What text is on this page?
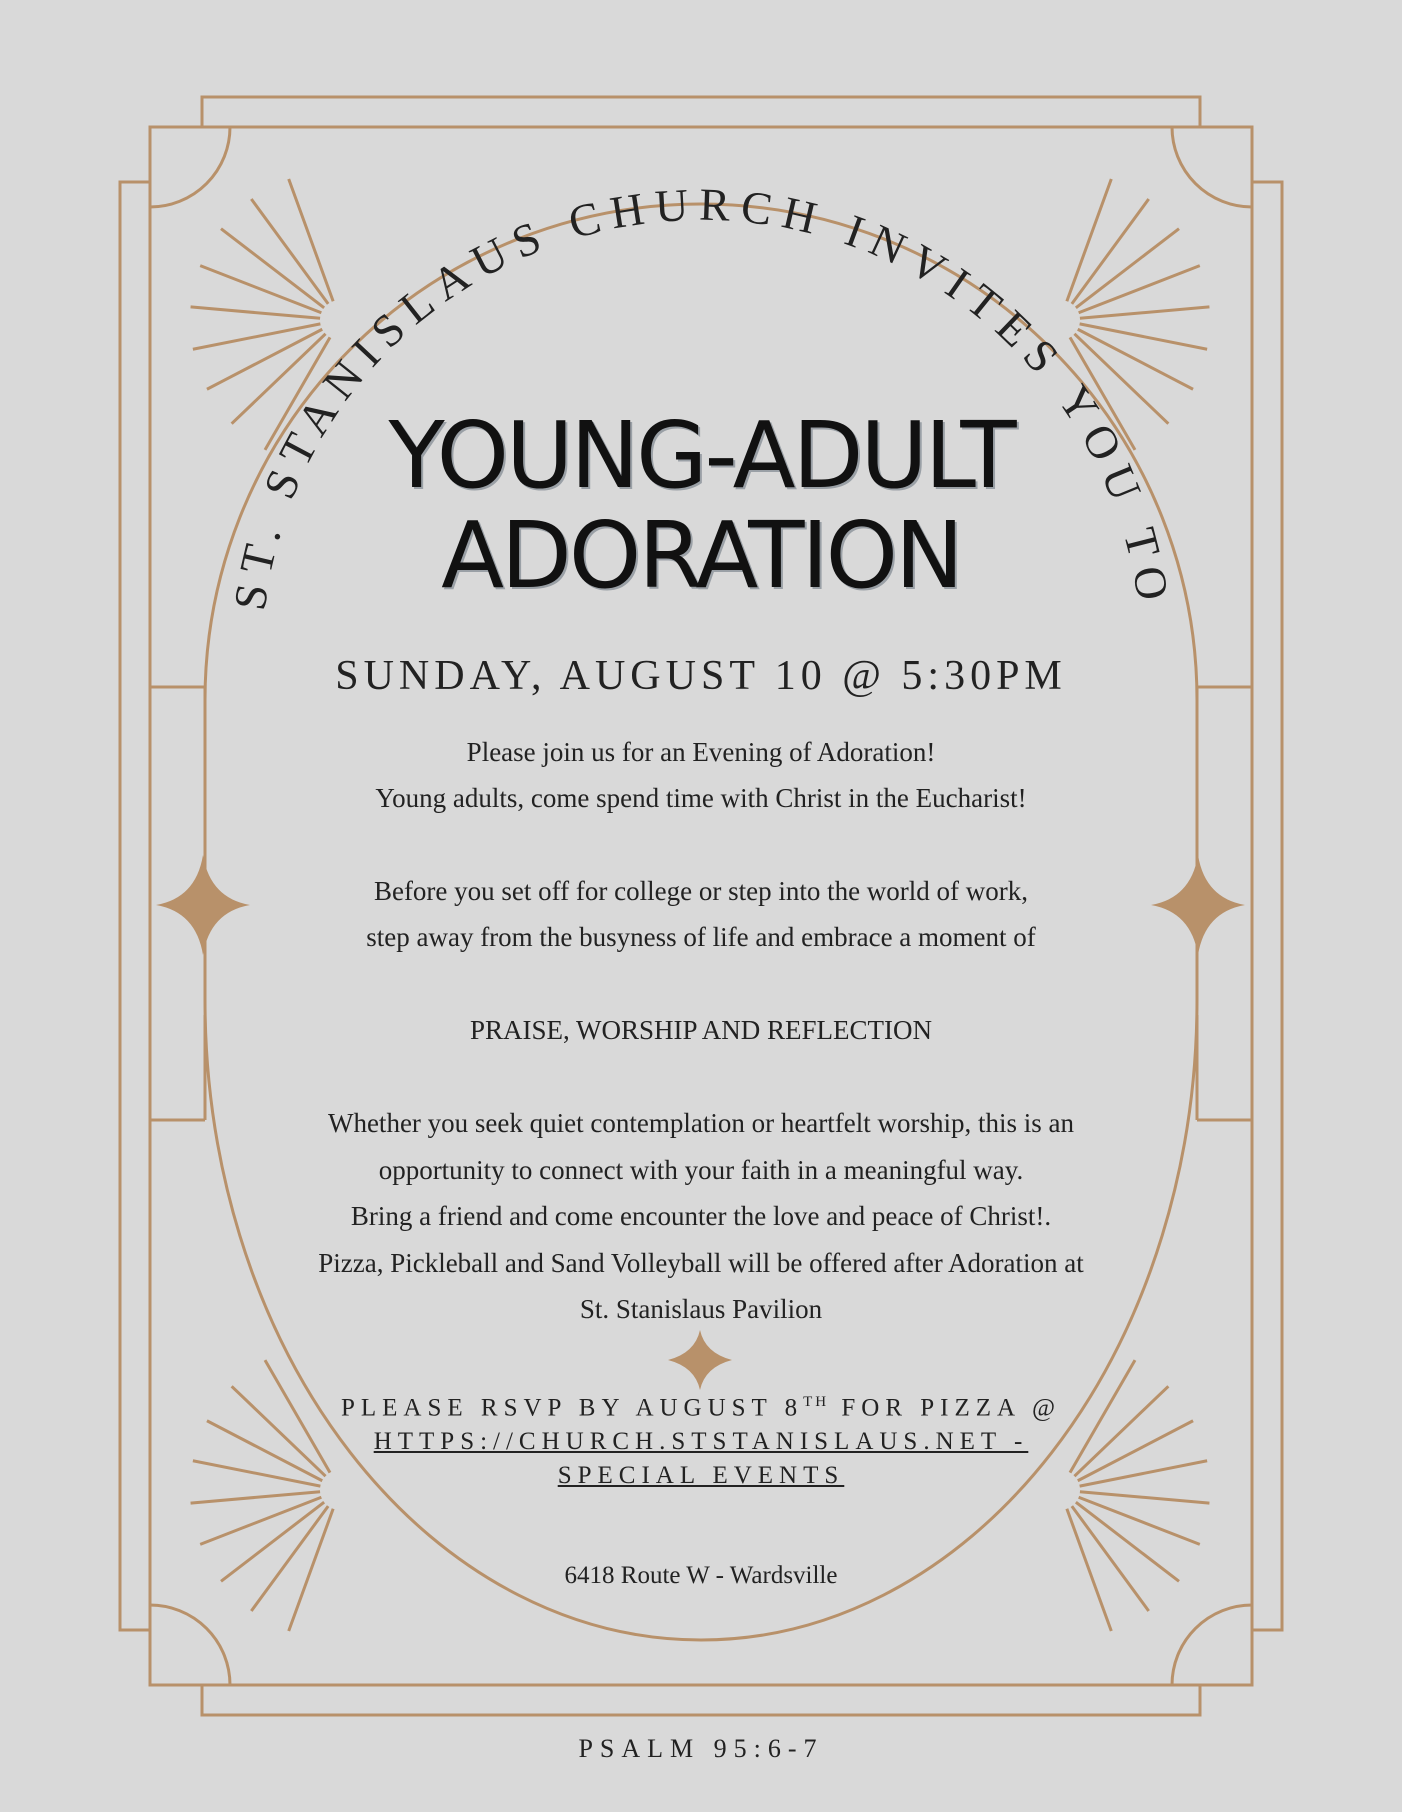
ST. STANISLAUS CHURCH INVITES YOU TO
YOUNG-ADULT
ADORATION
SUNDAY, AUGUST 10 @ 5:30PM
Please join us for an Evening of Adoration!
Young adults, come spend time with Christ in the Eucharist!
Before you set off for college or step into the world of work,
step away from the busyness of life and embrace a moment of
PRAISE, WORSHIP AND REFLECTION
Whether you seek quiet contemplation or heartfelt worship, this is an
opportunity to connect with your faith in a meaningful way.
Bring a friend and come encounter the love and peace of Christ!.
Pizza, Pickleball and Sand Volleyball will be offered after Adoration at
St. Stanislaus Pavilion
PLEASE RSVP BY AUGUST 8TH FOR PIZZA @
HTTPS://CHURCH.STSTANISLAUS.NET -
SPECIAL EVENTS
6418 Route W - Wardsville
PSALM 95:6-7
